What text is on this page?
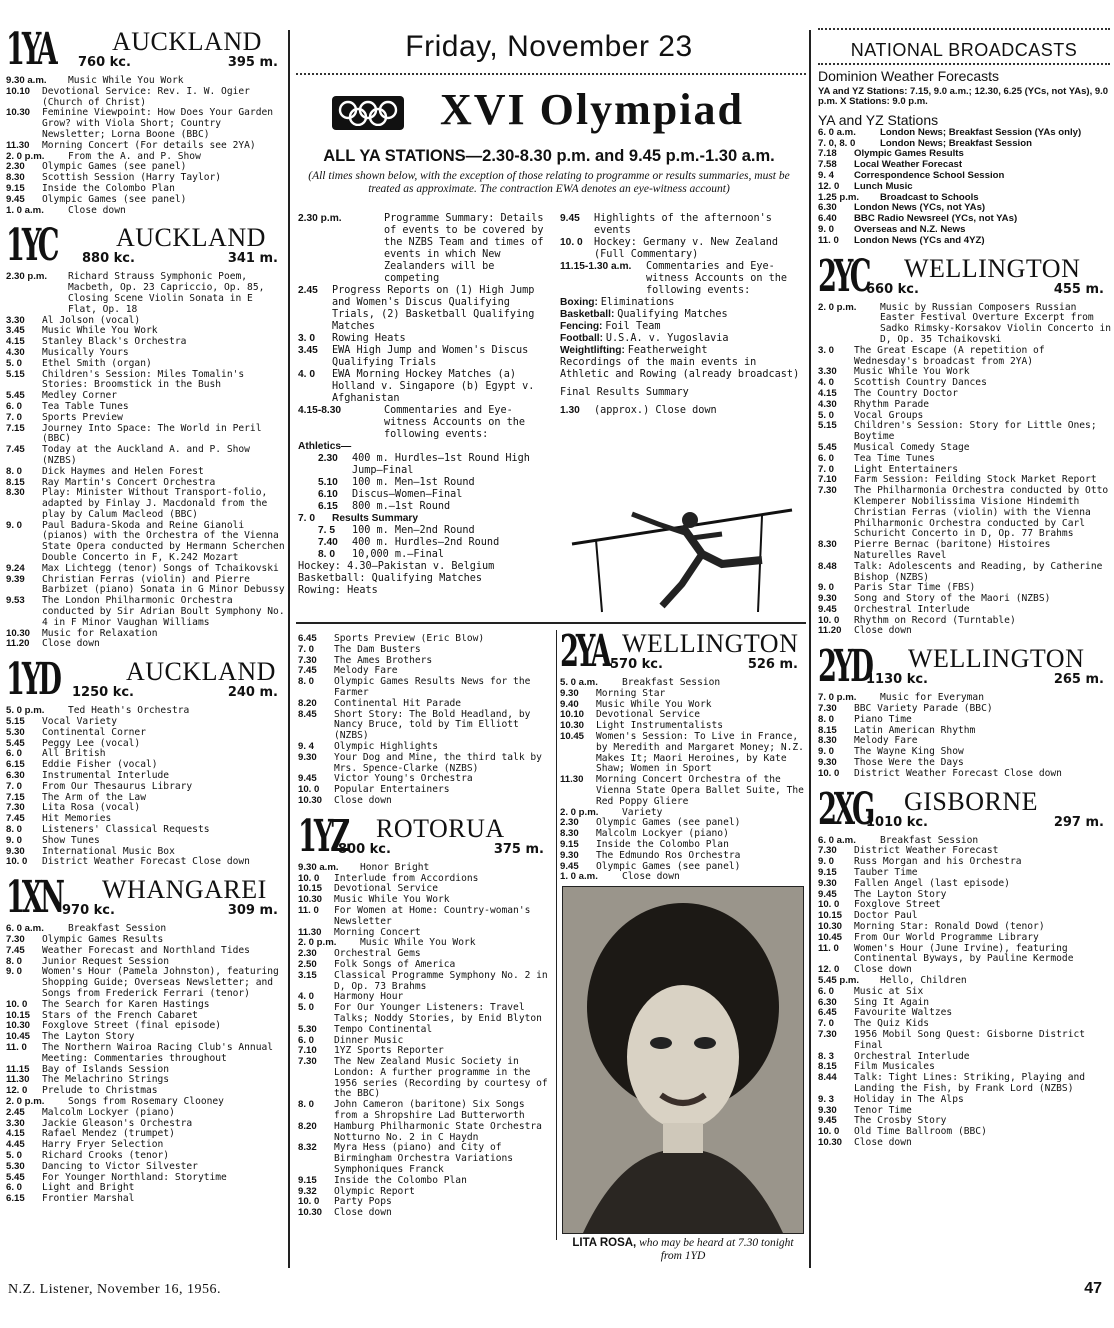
Friday, November 23
1YA AUCKLAND
760 kc.	395 m.
9.30 a.m.	Music While You Work
10.10	Devotional Service: Rev. I. W. Ogier (Church of Christ)
10.30	Feminine Viewpoint: How Does Your Garden Grow? with Viola Short; Country Newsletter; Lorna Boone (BBC)
11.30	Morning Concert (For details see 2YA)
2. 0 p.m.	From the A. and P. Show
2.30	Olympic Games (see panel)
8.30	Scottish Session (Harry Taylor)
9.15	Inside the Colombo Plan
9.45	Olympic Games (see panel)
1. 0 a.m.	Close down
1YC AUCKLAND
880 kc.	341 m.
2.30 p.m.	Richard Strauss Symphonic Poem, Macbeth, Op. 23 Capriccio, Op. 85, Closing Scene Violin Sonata in E Flat, Op. 18
3.30	Al Jolson (vocal)
3.45	Music While You Work
4.15	Stanley Black's Orchestra
4.30	Musically Yours
5. 0	Ethel Smith (organ)
5.15	Children's Session: Miles Tomalin's Stories: Broomstick in the Bush
5.45	Medley Corner
6. 0	Tea Table Tunes
7. 0	Sports Preview
7.15	Journey Into Space: The World in Peril (BBC)
7.45	Today at the Auckland A. and P. Show (NZBS)
8. 0	Dick Haymes and Helen Forest
8.15	Ray Martin's Concert Orchestra
8.30	Play: Minister Without Transport-folio, adapted by Finlay J. Macdonald from the play by Calum Macleod (BBC)
9. 0	Paul Badura-Skoda and Reine Gianoli (pianos) with the Orchestra of the Vienna State Opera conducted by Hermann Scherchen Double Concerto in F, K.242 Mozart
9.24	Max Lichtegg (tenor) Songs of Tchaikovski
9.39	Christian Ferras (violin) and Pierre Barbizet (piano) Sonata in G Minor Debussy
9.53	The London Philharmonic Orchestra conducted by Sir Adrian Boult Symphony No. 4 in F Minor Vaughan Williams
10.30	Music for Relaxation
11.20	Close down
1YD	AUCKLAND
1250 kc.	240 m.
5. 0 p.m.	Ted Heath's Orchestra
5.15	Vocal Variety
5.30	Continental Corner
5.45	Peggy Lee (vocal)
6. 0	All British
6.15	Eddie Fisher (vocal)
6.30	Instrumental Interlude
7. 0	From Our Thesaurus Library
7.15	The Arm of the Law
7.30	Lita Rosa (vocal)
7.45	Hit Memories
8. 0	Listeners' Classical Requests
9. 0	Show Tunes
9.30	International Music Box
10. 0	District Weather Forecast Close down
1XN WHANGAREI
970 kc.	309 m.
6. 0 a.m.	Breakfast Session
7.30	Olympic Games Results
7.45	Weather Forecast and Northland Tides
8. 0	Junior Request Session
9. 0	Women's Hour (Pamela Johnston), featuring Shopping Guide; Overseas Newsletter; and Songs from Frederick Ferrari (tenor)
10. 0	The Search for Karen Hastings
10.15	Stars of the French Cabaret
10.30	Foxglove Street (final episode)
10.45	The Layton Story
11. 0	The Northern Wairoa Racing Club's Annual Meeting: Commentaries throughout
11.15	Bay of Islands Session
11.30	The Melachrino Strings
12. 0	Prelude to Christmas
2. 0 p.m.	Songs from Rosemary Clooney
2.45	Malcolm Lockyer (piano)
3.30	Jackie Gleason's Orchestra
4.15	Rafael Mendez (trumpet)
4.45	Harry Fryer Selection
5. 0	Richard Crooks (tenor)
5.30	Dancing to Victor Silvester
5.45	For Younger Northland: Storytime
6. 0	Light and Bright
6.15	Frontier Marshal
XVI Olympiad
ALL YA STATIONS—2.30-8.30 p.m. and 9.45 p.m.-1.30 a.m.
(All times shown below, with the exception of those relating to programme or results summaries, must be treated as approximate. The contraction EWA denotes an eye-witness account)
2.30 p.m.	Programme Summary: Details of events to be covered by the NZBS Team and times of events in which New Zealanders will be competing
2.45	Progress Reports on (1) High Jump and Women's Discus Qualifying Trials, (2) Basketball Qualifying Matches
3. 0	Rowing Heats
3.45	EWA High Jump and Women's Discus Qualifying Trials
4. 0	EWA Morning Hockey Matches (a) Holland v. Singapore (b) Egypt v. Afghanistan
4.15-8.30	Commentaries and Eye-witness Accounts on the following events:
Athletics—
2.30	400 m. Hurdles—1st Round High Jump—Final
5.10	100 m. Men—1st Round
6.10	Discus—Women—Final
6.15	800 m.—1st Round
7. 0	Results Summary
7. 5	100 m. Men—2nd Round
7.40	400 m. Hurdles—2nd Round
8. 0	10,000 m.—Final
Hockey: 4.30—Pakistan v. Belgium
Basketball: Qualifying Matches
Rowing: Heats
9.45	Highlights of the afternoon's events
10. 0	Hockey: Germany v. New Zealand (Full Commentary)
11.15-1.30 a.m.	Commentaries and Eye-witness Accounts on the following events:
Boxing: Eliminations
Basketball: Qualifying Matches
Fencing: Foil Team
Football: U.S.A. v. Yugoslavia
Weightlifting: Featherweight
Recordings of the main events in Athletic and Rowing (already broadcast)
Final Results Summary
1.30	(approx.) Close down
6.45	Sports Preview (Eric Blow)
7. 0	The Dam Busters
7.30	The Ames Brothers
7.45	Melody Fare
8. 0	Olympic Games Results News for the Farmer
8.20	Continental Hit Parade
8.45	Short Story: The Bold Headland, by Nancy Bruce, told by Tim Elliott (NZBS)
9. 4	Olympic Highlights
9.30	Your Dog and Mine, the third talk by Mrs. Spence-Clarke (NZBS)
9.45	Victor Young's Orchestra
10. 0	Popular Entertainers
10.30	Close down
1YZ ROTORUA
800 kc.	375 m.
9.30 a.m.	Honor Bright
10. 0	Interlude from Accordions
10.15	Devotional Service
10.30	Music While You Work
11. 0	For Women at Home: Country-woman's Newsletter
11.30	Morning Concert
2. 0 p.m.	Music While You Work
2.30	Orchestral Gems
2.50	Folk Songs of America
3.15	Classical Programme Symphony No. 2 in D, Op. 73 Brahms
4. 0	Harmony Hour
5. 0	For Our Younger Listeners: Travel Talks; Noddy Stories, by Enid Blyton
5.30	Tempo Continental
6. 0	Dinner Music
7.10	1YZ Sports Reporter
7.30	The New Zealand Music Society in London: A further programme in the 1956 series (Recording by courtesy of the BBC)
8. 0	John Cameron (baritone) Six Songs from a Shropshire Lad Butterworth
8.20	Hamburg Philharmonic State Orchestra Notturno No. 2 in C Haydn
8.32	Myra Hess (piano) and City of Birmingham Orchestra Variations Symphoniques Franck
9.15	Inside the Colombo Plan
9.32	Olympic Report
10. 0	Party Pops
10.30	Close down
2YA WELLINGTON
570 kc.	526 m.
5. 0 a.m.	Breakfast Session
9.30	Morning Star
9.40	Music While You Work
10.10	Devotional Service
10.30	Light Instrumentalists
10.45	Women's Session: To Live in France, by Meredith and Margaret Money; N.Z. Makes It; Maori Heroines, by Kate Shaw; Women in Sport
11.30	Morning Concert Orchestra of the Vienna State Opera Ballet Suite, The Red Poppy Gliere
2. 0 p.m.	Variety
2.30	Olympic Games (see panel)
8.30	Malcolm Lockyer (piano)
9.15	Inside the Colombo Plan
9.30	The Edmundo Ros Orchestra
9.45	Olympic Games (see panel)
1. 0 a.m.	Close down
LITA ROSA, who may be heard at 7.30 tonight from 1YD
NATIONAL BROADCASTS
Dominion Weather Forecasts
YA and YZ Stations: 7.15, 9.0 a.m.; 12.30, 6.25 (YCs, not YAs), 9.0 p.m. X Stations: 9.0 p.m.
YA and YZ Stations
6. 0 a.m.	London News; Breakfast Session (YAs only)
7. 0, 8. 0	London News; Breakfast Session
7.18	Olympic Games Results
7.58	Local Weather Forecast
9. 4	Correspondence School Session
12. 0	Lunch Music
1.25 p.m.	Broadcast to Schools
6.30	London News (YCs, not YAs)
6.40	BBC Radio Newsreel (YCs, not YAs)
9. 0	Overseas and N.Z. News
11. 0	London News (YCs and 4YZ)
2YC WELLINGTON
660 kc.	455 m.
2. 0 p.m.	Music by Russian Composers Russian Easter Festival Overture Excerpt from Sadko Rimsky-Korsakov Violin Concerto in D, Op. 35 Tchaikovski
3. 0	The Great Escape (A repetition of Wednesday's broadcast from 2YA)
3.30	Music While You Work
4. 0	Scottish Country Dances
4.15	The Country Doctor
4.30	Rhythm Parade
5. 0	Vocal Groups
5.15	Children's Session: Story for Little Ones; Boytime
5.45	Musical Comedy Stage
6. 0	Tea Time Tunes
7. 0	Light Entertainers
7.10	Farm Session: Feilding Stock Market Report
7.30	The Philharmonia Orchestra conducted by Otto Klemperer Nobilissima Visione Hindemith Christian Ferras (violin) with the Vienna Philharmonic Orchestra conducted by Carl Schuricht Concerto in D, Op. 77 Brahms
8.30	Pierre Bernac (baritone) Histoires Naturelles Ravel
8.48	Talk: Adolescents and Reading, by Catherine Bishop (NZBS)
9. 0	Paris Star Time (FBS)
9.30	Song and Story of the Maori (NZBS)
9.45	Orchestral Interlude
10. 0	Rhythm on Record (Turntable)
11.20	Close down
2YD WELLINGTON
1130 kc.	265 m.
7. 0 p.m.	Music for Everyman
7.30	BBC Variety Parade (BBC)
8. 0	Piano Time
8.15	Latin American Rhythm
8.30	Melody Fare
9. 0	The Wayne King Show
9.30	Those Were the Days
10. 0	District Weather Forecast Close down
2XG GISBORNE
1010 kc.	297 m.
6. 0 a.m.	Breakfast Session
7.30	District Weather Forecast
9. 0	Russ Morgan and his Orchestra
9.15	Tauber Time
9.30	Fallen Angel (last episode)
9.45	The Layton Story
10. 0	Foxglove Street
10.15	Doctor Paul
10.30	Morning Star: Ronald Dowd (tenor)
10.45	From Our World Programme Library
11. 0	Women's Hour (June Irvine), featuring Continental Byways, by Pauline Kermode
12. 0	Close down
5.45 p.m.	Hello, Children
6. 0	Music at Six
6.30	Sing It Again
6.45	Favourite Waltzes
7. 0	The Quiz Kids
7.30	1956 Mobil Song Quest: Gisborne District Final
8. 3	Orchestral Interlude
8.15	Film Musicales
8.44	Talk: Tight Lines: Striking, Playing and Landing the Fish, by Frank Lord (NZBS)
9. 3	Holiday in The Alps
9.30	Tenor Time
9.45	The Crosby Story
10. 0	Old Time Ballroom (BBC)
10.30	Close down
N.Z. Listener, November 16, 1956.	47
